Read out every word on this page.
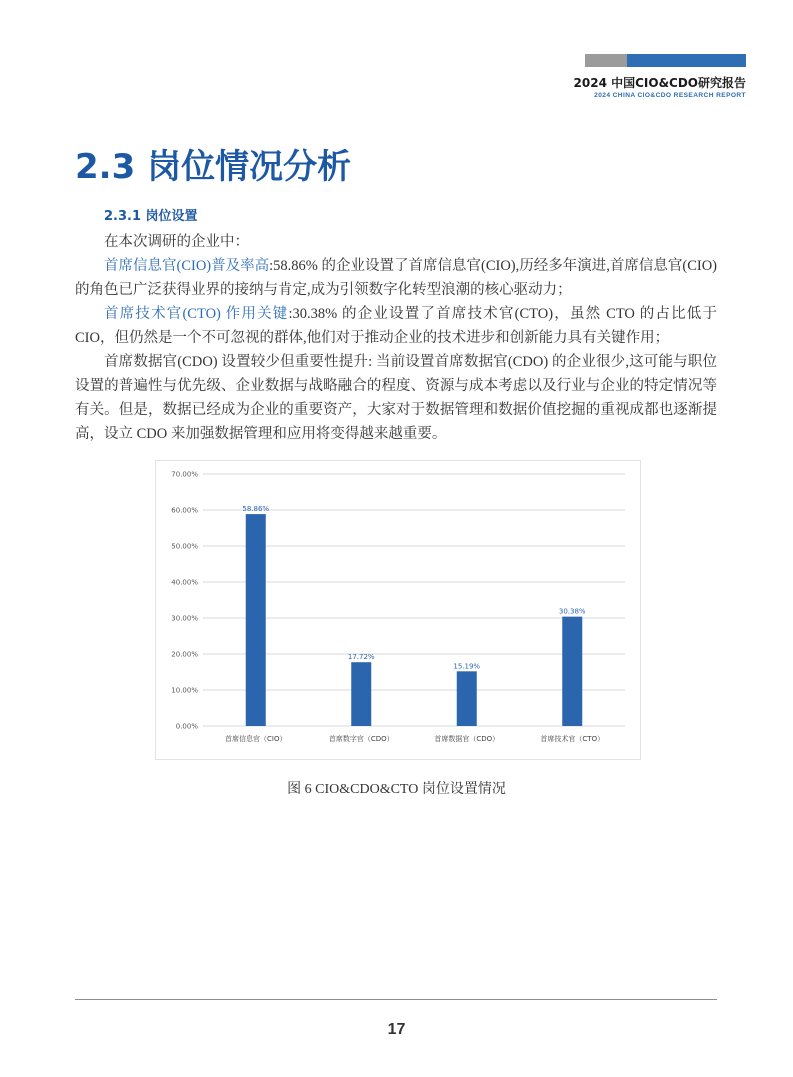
2024 中国CIO&CDO研究报告
2024 CHINA CIO&CDO RESEARCH REPORT
2.3 岗位情况分析
2.3.1 岗位设置

在本次调研的企业中：

首席信息官(CIO)普及率高:58.86% 的企业设置了首席信息官(CIO),历经多年演进,首席信息官(CIO)的角色已广泛获得业界的接纳与肯定,成为引领数字化转型浪潮的核心驱动力；

首席技术官(CTO) 作用关键:30.38% 的企业设置了首席技术官(CTO)，虽然 CTO 的占比低于 CIO，但仍然是一个不可忽视的群体,他们对于推动企业的技术进步和创新能力具有关键作用；

首席数据官(CDO) 设置较少但重要性提升: 当前设置首席数据官(CDO) 的企业很少,这可能与职位设置的普遍性与优先级、企业数据与战略融合的程度、资源与成本考虑以及行业与企业的特定情况等有关。但是，数据已经成为企业的重要资产，大家对于数据管理和数据价值挖掘的重视成都也逐渐提高，设立 CDO 来加强数据管理和应用将变得越来越重要。

0.00%
10.00%
20.00%
30.00%
40.00%
50.00%
60.00%
70.00%
58.86%
首席信息官（CIO）
17.72%
首席数字官（CDO）
15.19%
首席数据官（CDO）
30.38%
首席技术官（CTO）
图 6 CIO&CDO&CTO 岗位设置情况
17
